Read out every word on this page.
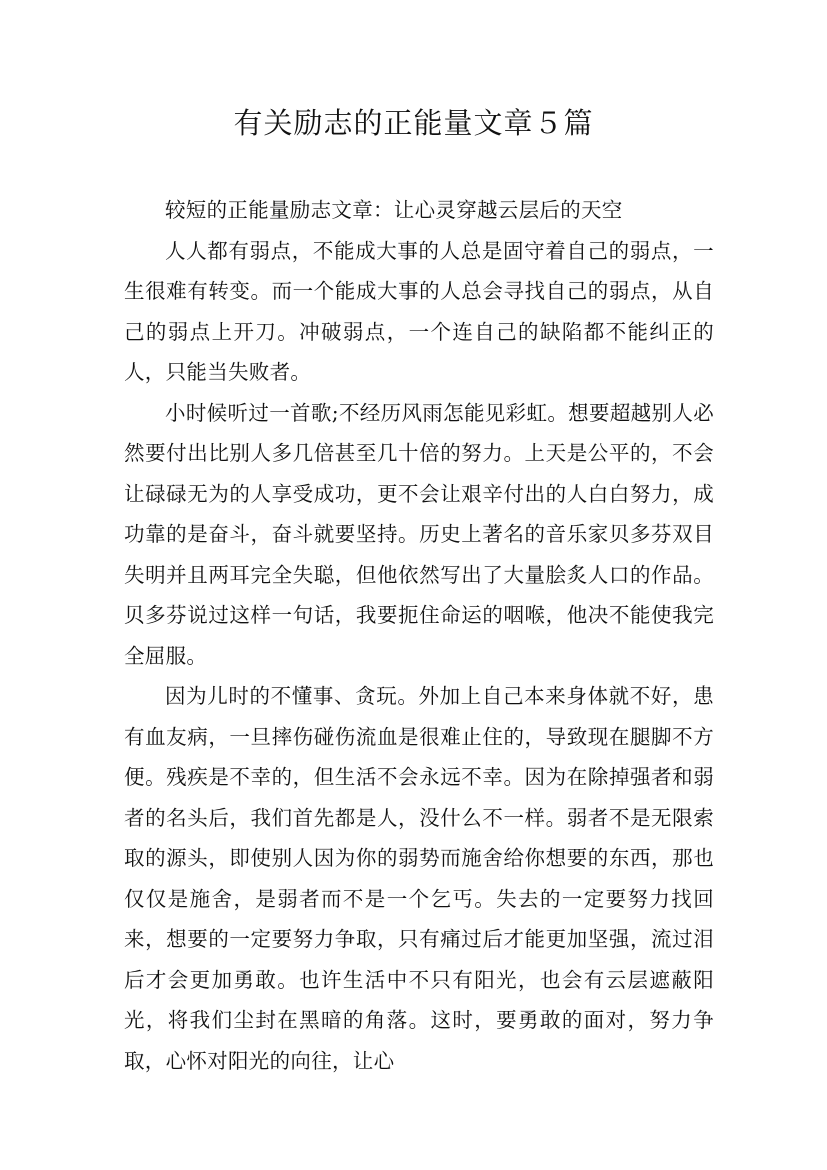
有关励志的正能量文章５篇

较短的正能量励志文章：让心灵穿越云层后的天空

人人都有弱点，不能成大事的人总是固守着自己的弱点，一生很难有转变。而一个能成大事的人总会寻找自己的弱点，从自己的弱点上开刀。冲破弱点，一个连自己的缺陷都不能纠正的人，只能当失败者。

小时候听过一首歌;不经历风雨怎能见彩虹。想要超越别人必然要付出比别人多几倍甚至几十倍的努力。上天是公平的，不会让碌碌无为的人享受成功，更不会让艰辛付出的人白白努力，成功靠的是奋斗，奋斗就要坚持。历史上著名的音乐家贝多芬双目失明并且两耳完全失聪，但他依然写出了大量脍炙人口的作品。贝多芬说过这样一句话，我要扼住命运的咽喉，他决不能使我完全屈服。

因为儿时的不懂事、贪玩。外加上自己本来身体就不好，患有血友病，一旦摔伤碰伤流血是很难止住的，导致现在腿脚不方便。残疾是不幸的，但生活不会永远不幸。因为在除掉强者和弱者的名头后，我们首先都是人，没什么不一样。弱者不是无限索取的源头，即使别人因为你的弱势而施舍给你想要的东西，那也仅仅是施舍，是弱者而不是一个乞丐。失去的一定要努力找回来，想要的一定要努力争取，只有痛过后才能更加坚强，流过泪后才会更加勇敢。也许生活中不只有阳光，也会有云层遮蔽阳光，将我们尘封在黑暗的角落。这时，要勇敢的面对，努力争取，心怀对阳光的向往，让心
